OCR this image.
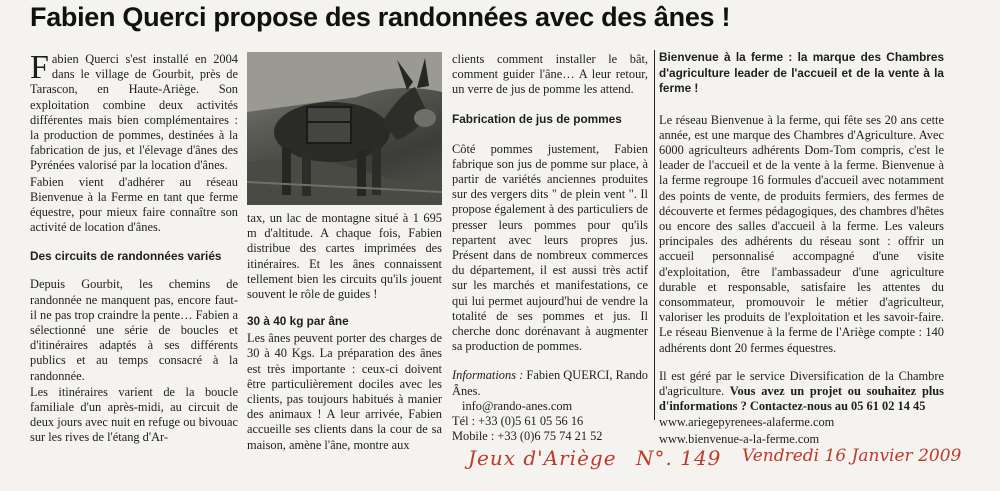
Fabien Querci propose des randonnées avec des ânes !

Fabien Querci s'est installé en 2004 dans le village de Gourbit, près de Tarascon, en Haute-Ariège. Son exploitation combine deux activités différentes mais bien complémentaires : la production de pommes, destinées à la fabrication de jus, et l'élevage d'ânes des Pyrénées valorisé par la location d'ânes.

Fabien vient d'adhérer au réseau Bienvenue à la Ferme en tant que ferme équestre, pour mieux faire connaître son activité de location d'ânes.

Des circuits de randonnées variés

Depuis Gourbit, les chemins de randonnée ne manquent pas, encore faut-il ne pas trop craindre la pente… Fabien a sélectionné une série de boucles et d'itinéraires adaptés à ses différents publics et au temps consacré à la randonnée.

Les itinéraires varient de la boucle familiale d'un après-midi, au circuit de deux jours avec nuit en refuge ou bivouac sur les rives de l'étang d'Ar-

tax, un lac de montagne situé à 1 695 m d'altitude. A chaque fois, Fabien distribue des cartes imprimées des itinéraires. Et les ânes connaissent tellement bien les circuits qu'ils jouent souvent le rôle de guides !

30 à 40 kg par âne

Les ânes peuvent porter des charges de 30 à 40 Kgs. La préparation des ânes est très importante : ceux-ci doivent être particulièrement dociles avec les clients, pas toujours habitués à manier des animaux ! A leur arrivée, Fabien accueille ses clients dans la cour de sa maison, amène l'âne, montre aux

clients comment installer le bât, comment guider l'âne… A leur retour, un verre de jus de pomme les attend.

Fabrication de jus de pommes

Côté pommes justement, Fabien fabrique son jus de pomme sur place, à partir de variétés anciennes produites sur des vergers dits " de plein vent ". Il propose également à des particuliers de presser leurs pommes pour qu'ils repartent avec leurs propres jus. Présent dans de nombreux commerces du département, il est aussi très actif sur les marchés et manifestations, ce qui lui permet aujourd'hui de vendre la totalité de ses pommes et jus. Il cherche donc dorénavant à augmenter sa production de pommes.

Informations : Fabien QUERCI, Rando Ânes.
info@rando-anes.com
Tél : +33 (0)5 61 05 56 16
Mobile : +33 (0)6 75 74 21 52

Bienvenue à la ferme : la marque des Chambres d'agriculture leader de l'accueil et de la vente à la ferme !

Le réseau Bienvenue à la ferme, qui fête ses 20 ans cette année, est une marque des Chambres d'Agriculture. Avec 6000 agriculteurs adhérents Dom-Tom compris, c'est le leader de l'accueil et de la vente à la ferme. Bienvenue à la ferme regroupe 16 formules d'accueil avec notamment des points de vente, de produits fermiers, des fermes de découverte et fermes pédagogiques, des chambres d'hêtes ou encore des salles d'accueil à la ferme. Les valeurs principales des adhérents du réseau sont : offrir un accueil personnalisé accompagné d'une visite d'exploitation, être l'ambassadeur d'une agriculture durable et responsable, satisfaire les attentes du consommateur, promouvoir le métier d'agriculteur, valoriser les produits de l'exploitation et les savoir-faire. Le réseau Bienvenue à la ferme de l'Ariège compte : 140 adhérents dont 20 fermes équestres.

Il est géré par le service Diversification de la Chambre d'agriculture. Vous avez un projet ou souhaitez plus d'informations ? Contactez-nous au 05 61 02 14 45

www.ariegepyrenees-alaferme.com

www.bienvenue-a-la-ferme.com

Jeux d'Ariège N°. 149 Vendredi 16 Janvier 2009
